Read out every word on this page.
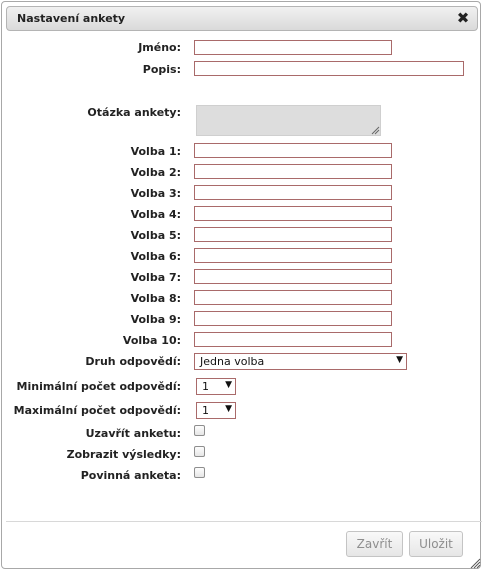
Nastavení ankety	✖
Jméno:
Popis:
Otázka ankety:
Volba 1:
Volba 2:
Volba 3:
Volba 4:
Volba 5:
Volba 6:
Volba 7:
Volba 8:
Volba 9:
Volba 10:
Druh odpovědí: Jedna volba	▼
Minimální počet odpovědí: 1 ▼
Maximální počet odpovědí: 1 ▼
Uzavřít anketu:
Zobrazit výsledky:
Povinná anketa:
Zavřít	Uložit
